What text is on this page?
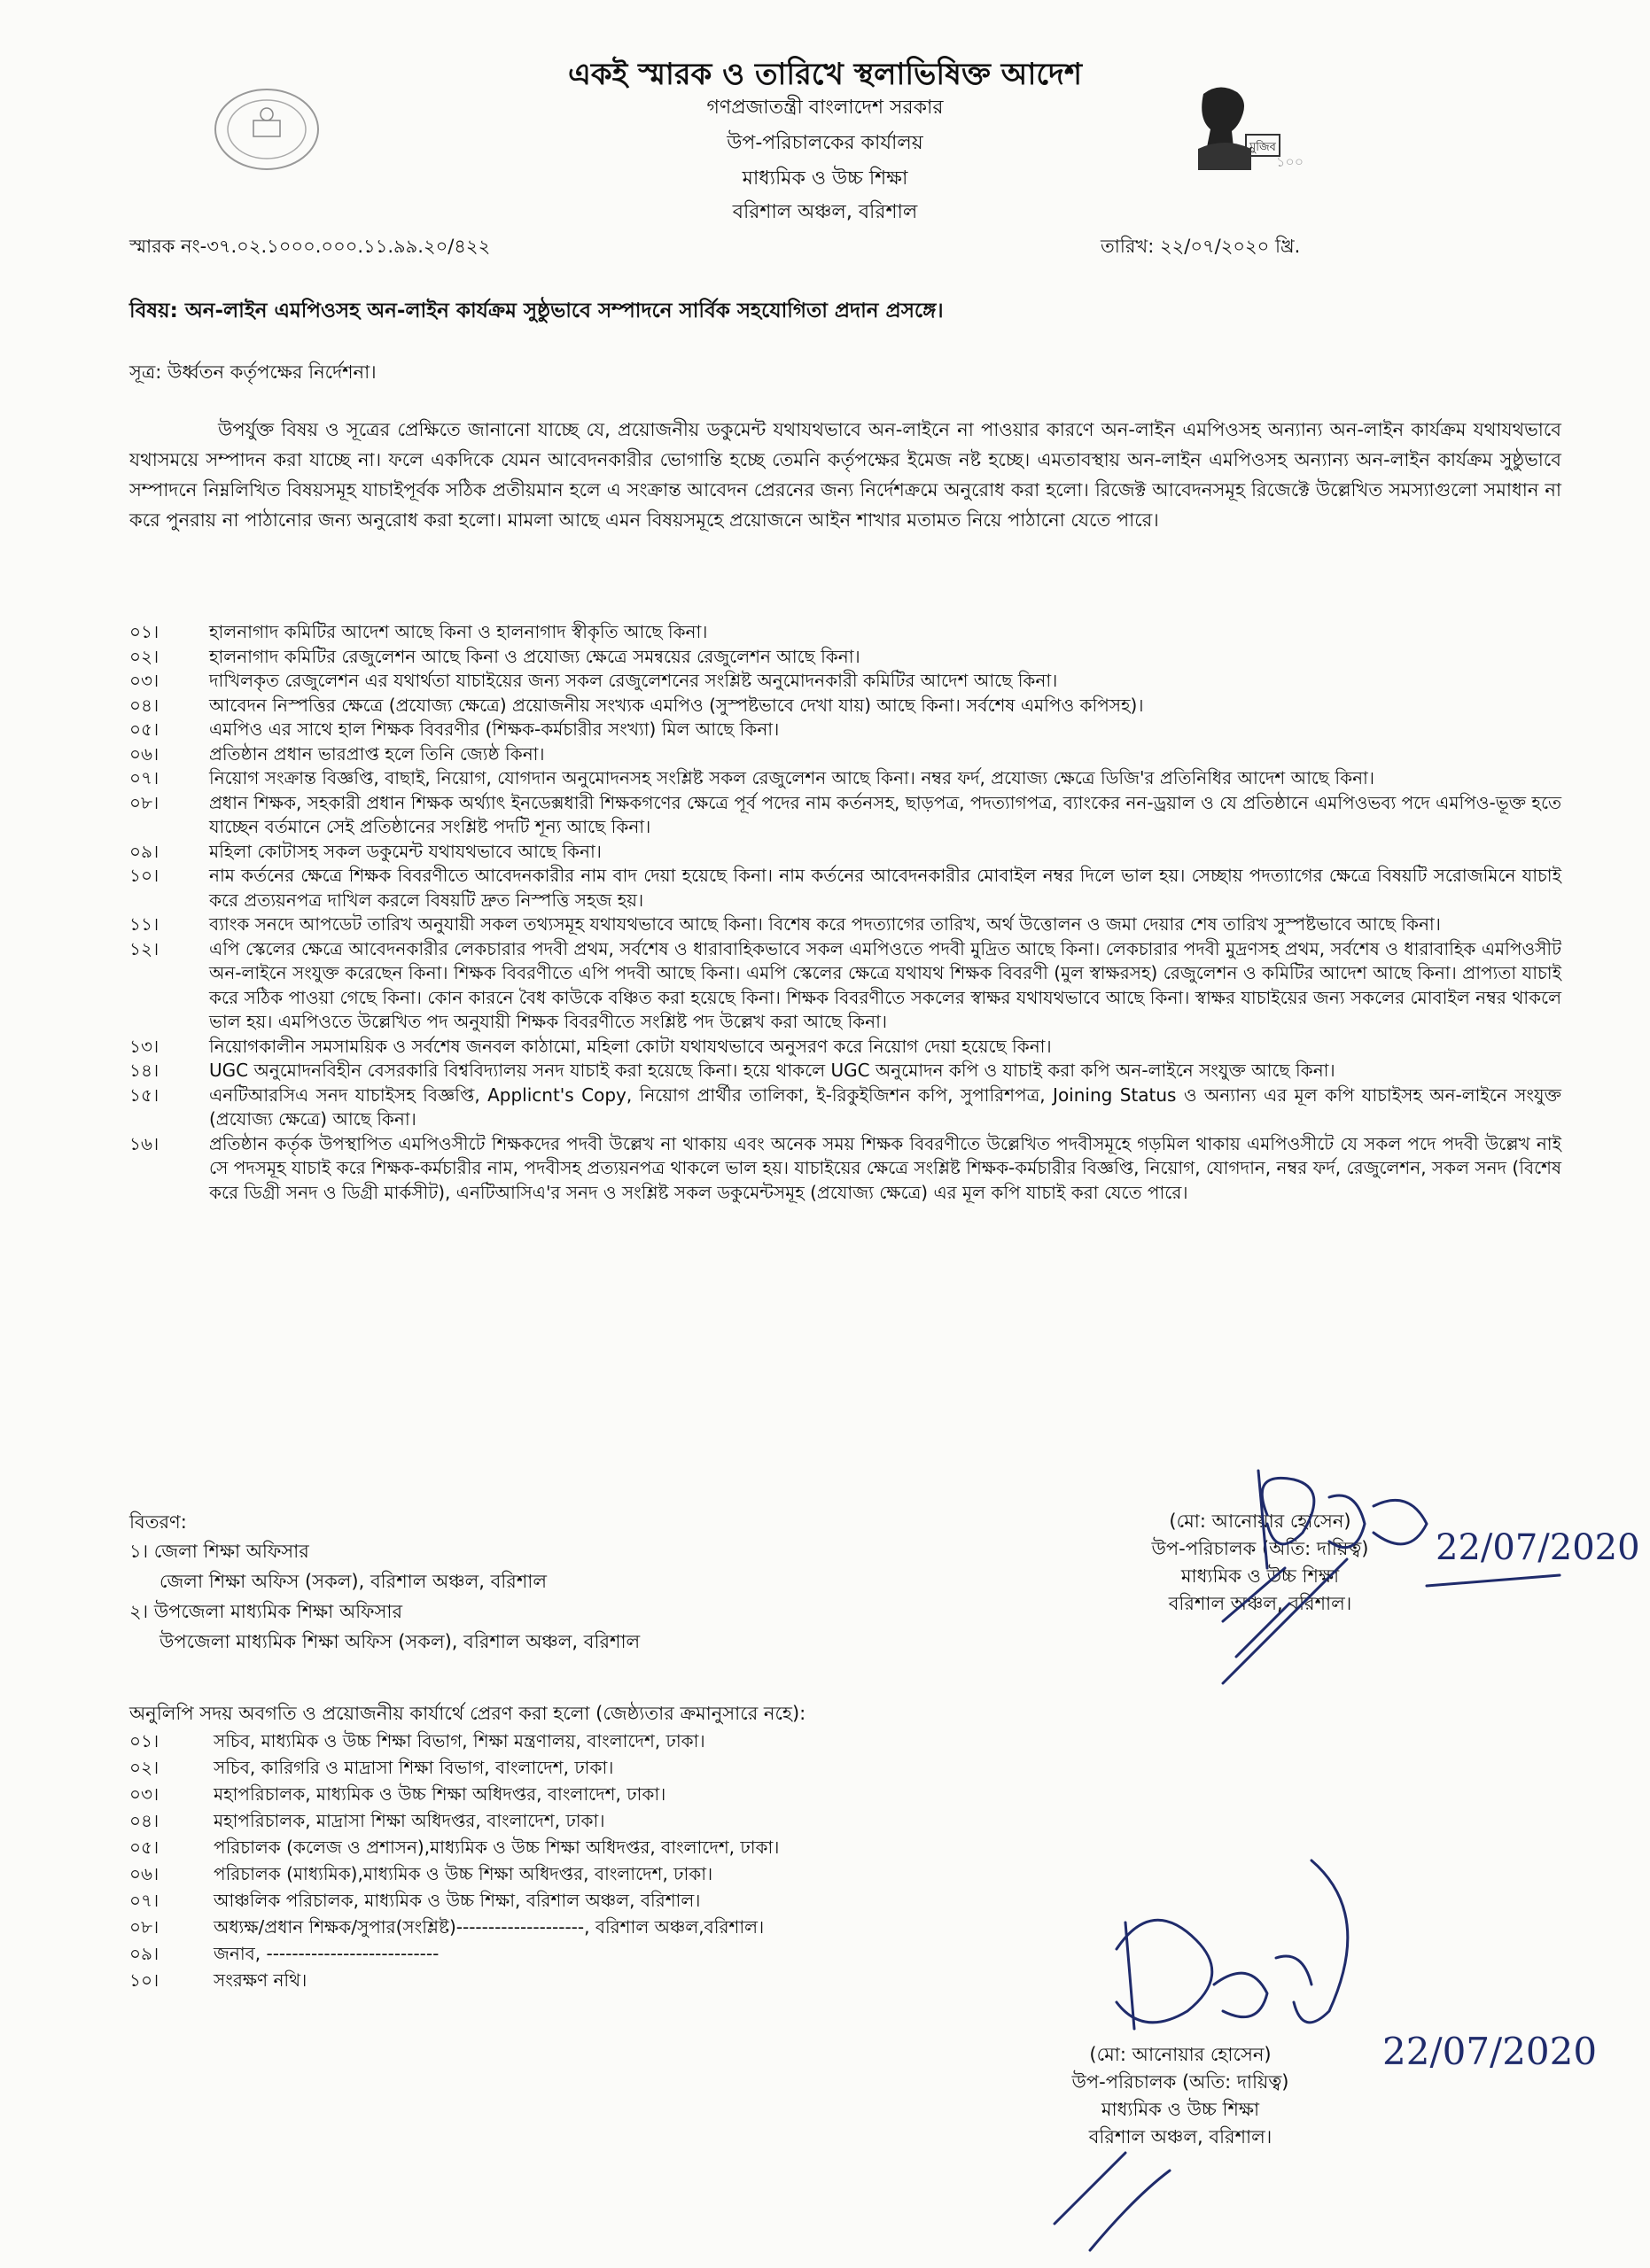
মুজিব
১০০
একই স্মারক ও তারিখে স্থলাভিষিক্ত আদেশ
গণপ্রজাতন্ত্রী বাংলাদেশ সরকার
উপ-পরিচালকের কার্যালয়
মাধ্যমিক ও উচ্চ শিক্ষা
বরিশাল অঞ্চল, বরিশাল
স্মারক নং-৩৭.০২.১০০০.০০০.১১.৯৯.২০/৪২২	তারিখ: ২২/০৭/২০২০ খ্রি.
বিষয়: অন-লাইন এমপিওসহ অন-লাইন কার্যক্রম সুষ্ঠুভাবে সম্পাদনে সার্বিক সহযোগিতা প্রদান প্রসঙ্গে।
সূত্র: উর্ধ্বতন কর্তৃপক্ষের নির্দেশনা।
উপর্যুক্ত বিষয় ও সূত্রের প্রেক্ষিতে জানানো যাচ্ছে যে, প্রয়োজনীয় ডকুমেন্ট যথাযথভাবে অন-লাইনে না পাওয়ার কারণে অন-লাইন এমপিওসহ অন্যান্য অন-লাইন কার্যক্রম যথাযথভাবে যথাসময়ে সম্পাদন করা যাচ্ছে না। ফলে একদিকে যেমন আবেদনকারীর ভোগান্তি হচ্ছে তেমনি কর্তৃপক্ষের ইমেজ নষ্ট হচ্ছে। এমতাবস্থায় অন-লাইন এমপিওসহ অন্যান্য অন-লাইন কার্যক্রম সুষ্ঠুভাবে সম্পাদনে নিম্নলিখিত বিষয়সমূহ যাচাইপূর্বক সঠিক প্রতীয়মান হলে এ সংক্রান্ত আবেদন প্রেরনের জন্য নির্দেশক্রমে অনুরোধ করা হলো। রিজেক্ট আবেদনসমূহ রিজেক্টে উল্লেখিত সমস্যাগুলো সমাধান না করে পুনরায় না পাঠানোর জন্য অনুরোধ করা হলো। মামলা আছে এমন বিষয়সমূহে প্রয়োজনে আইন শাখার মতামত নিয়ে পাঠানো যেতে পারে।
০১।	হালনাগাদ কমিটির আদেশ আছে কিনা ও হালনাগাদ স্বীকৃতি আছে কিনা।
০২।	হালনাগাদ কমিটির রেজুলেশন আছে কিনা ও প্রযোজ্য ক্ষেত্রে সমন্বয়ের রেজুলেশন আছে কিনা।
০৩।	দাখিলকৃত রেজুলেশন এর যথার্থতা যাচাইয়ের জন্য সকল রেজুলেশনের সংশ্লিষ্ট অনুমোদনকারী কমিটির আদেশ আছে কিনা।
০৪।	আবেদন নিস্পত্তির ক্ষেত্রে (প্রযোজ্য ক্ষেত্রে) প্রয়োজনীয় সংখ্যক এমপিও (সুস্পষ্টভাবে দেখা যায়) আছে কিনা। সর্বশেষ এমপিও কপিসহ)।
০৫।	এমপিও এর সাথে হাল শিক্ষক বিবরণীর (শিক্ষক-কর্মচারীর সংখ্যা) মিল আছে কিনা।
০৬।	প্রতিষ্ঠান প্রধান ভারপ্রাপ্ত হলে তিনি জ্যেষ্ঠ কিনা।
০৭।	নিয়োগ সংক্রান্ত বিজ্ঞপ্তি, বাছাই, নিয়োগ, যোগদান অনুমোদনসহ সংশ্লিষ্ট সকল রেজুলেশন আছে কিনা। নম্বর ফর্দ, প্রযোজ্য ক্ষেত্রে ডিজি'র প্রতিনিধির আদেশ আছে কিনা।
০৮।	প্রধান শিক্ষক, সহকারী প্রধান শিক্ষক অর্থ্যাৎ ইনডেক্সধারী শিক্ষকগণের ক্ষেত্রে পূর্ব পদের নাম কর্তনসহ, ছাড়পত্র, পদত্যাগপত্র, ব্যাংকের নন-ড্রয়াল ও যে প্রতিষ্ঠানে এমপিওভব্য পদে এমপিও-ভূক্ত হতে যাচ্ছেন বর্তমানে সেই প্রতিষ্ঠানের সংশ্লিষ্ট পদটি শূন্য আছে কিনা।
০৯।	মহিলা কোটাসহ সকল ডকুমেন্ট যথাযথভাবে আছে কিনা।
১০।	নাম কর্তনের ক্ষেত্রে শিক্ষক বিবরণীতে আবেদনকারীর নাম বাদ দেয়া হয়েছে কিনা। নাম কর্তনের আবেদনকারীর মোবাইল নম্বর দিলে ভাল হয়। সেচ্ছায় পদত্যাগের ক্ষেত্রে বিষয়টি সরোজমিনে যাচাই করে প্রত্যয়নপত্র দাখিল করলে বিষয়টি দ্রুত নিস্পত্তি সহজ হয়।
১১।	ব্যাংক সনদে আপডেট তারিখ অনুযায়ী সকল তথ্যসমূহ যথাযথভাবে আছে কিনা। বিশেষ করে পদত্যাগের তারিখ, অর্থ উত্তোলন ও জমা দেয়ার শেষ তারিখ সুস্পষ্টভাবে আছে কিনা।
১২।	এপি স্কেলের ক্ষেত্রে আবেদনকারীর লেকচারার পদবী প্রথম, সর্বশেষ ও ধারাবাহিকভাবে সকল এমপিওতে পদবী মুদ্রিত আছে কিনা। লেকচারার পদবী মুদ্রণসহ প্রথম, সর্বশেষ ও ধারাবাহিক এমপিওসীট অন-লাইনে সংযুক্ত করেছেন কিনা। শিক্ষক বিবরণীতে এপি পদবী আছে কিনা। এমপি স্কেলের ক্ষেত্রে যথাযথ শিক্ষক বিবরণী (মুল স্বাক্ষরসহ) রেজুলেশন ও কমিটির আদেশ আছে কিনা। প্রাপ্যতা যাচাই করে সঠিক পাওয়া গেছে কিনা। কোন কারনে বৈধ কাউকে বঞ্চিত করা হয়েছে কিনা। শিক্ষক বিবরণীতে সকলের স্বাক্ষর যথাযথভাবে আছে কিনা। স্বাক্ষর যাচাইয়ের জন্য সকলের মোবাইল নম্বর থাকলে ভাল হয়। এমপিওতে উল্লেখিত পদ অনুযায়ী শিক্ষক বিবরণীতে সংশ্লিষ্ট পদ উল্লেখ করা আছে কিনা।
১৩।	নিয়োগকালীন সমসাময়িক ও সর্বশেষ জনবল কাঠামো, মহিলা কোটা যথাযথভাবে অনুসরণ করে নিয়োগ দেয়া হয়েছে কিনা।
১৪।	UGC অনুমোদনবিহীন বেসরকারি বিশ্ববিদ্যালয় সনদ যাচাই করা হয়েছে কিনা। হয়ে থাকলে UGC অনুমোদন কপি ও যাচাই করা কপি অন-লাইনে সংযুক্ত আছে কিনা।
১৫।	এনটিআরসিএ সনদ যাচাইসহ বিজ্ঞপ্তি, Applicnt's Copy, নিয়োগ প্রার্থীর তালিকা, ই-রিকুইজিশন কপি, সুপারিশপত্র, Joining Status ও অন্যান্য এর মূল কপি যাচাইসহ অন-লাইনে সংযুক্ত (প্রযোজ্য ক্ষেত্রে) আছে কিনা।
১৬।	প্রতিষ্ঠান কর্তৃক উপস্থাপিত এমপিওসীটে শিক্ষকদের পদবী উল্লেখ না থাকায় এবং অনেক সময় শিক্ষক বিবরণীতে উল্লেখিত পদবীসমূহে গড়মিল থাকায় এমপিওসীটে যে সকল পদে পদবী উল্লেখ নাই সে পদসমূহ যাচাই করে শিক্ষক-কর্মচারীর নাম, পদবীসহ প্রত্যয়নপত্র থাকলে ভাল হয়। যাচাইয়ের ক্ষেত্রে সংশ্লিষ্ট শিক্ষক-কর্মচারীর বিজ্ঞপ্তি, নিয়োগ, যোগদান, নম্বর ফর্দ, রেজুলেশন, সকল সনদ (বিশেষ করে ডিগ্রী সনদ ও ডিগ্রী মার্কসীট), এনটিআসিএ'র সনদ ও সংশ্লিষ্ট সকল ডকুমেন্টসমূহ (প্রযোজ্য ক্ষেত্রে) এর মূল কপি যাচাই করা যেতে পারে।
বিতরণ:
১। জেলা শিক্ষা অফিসার
জেলা শিক্ষা অফিস (সকল), বরিশাল অঞ্চল, বরিশাল
২। উপজেলা মাধ্যমিক শিক্ষা অফিসার
উপজেলা মাধ্যমিক শিক্ষা অফিস (সকল), বরিশাল অঞ্চল, বরিশাল
অনুলিপি সদয় অবগতি ও প্রয়োজনীয় কার্যার্থে প্রেরণ করা হলো (জেষ্ঠ্যতার ক্রমানুসারে নহে):
০১।	সচিব, মাধ্যমিক ও উচ্চ শিক্ষা বিভাগ, শিক্ষা মন্ত্রণালয়, বাংলাদেশ, ঢাকা।
০২।	সচিব, কারিগরি ও মাদ্রাসা শিক্ষা বিভাগ, বাংলাদেশ, ঢাকা।
০৩।	মহাপরিচালক, মাধ্যমিক ও উচ্চ শিক্ষা অধিদপ্তর, বাংলাদেশ, ঢাকা।
০৪।	মহাপরিচালক, মাদ্রাসা শিক্ষা অধিদপ্তর, বাংলাদেশ, ঢাকা।
০৫।	পরিচালক (কলেজ ও প্রশাসন),মাধ্যমিক ও উচ্চ শিক্ষা অধিদপ্তর, বাংলাদেশ, ঢাকা।
০৬।	পরিচালক (মাধ্যমিক),মাধ্যমিক ও উচ্চ শিক্ষা অধিদপ্তর, বাংলাদেশ, ঢাকা।
০৭।	আঞ্চলিক পরিচালক, মাধ্যমিক ও উচ্চ শিক্ষা, বরিশাল অঞ্চল, বরিশাল।
০৮।	অধ্যক্ষ/প্রধান শিক্ষক/সুপার(সংশ্লিষ্ট)--------------------, বরিশাল অঞ্চল,বরিশাল।
০৯।	জনাব, ---------------------------
১০।	সংরক্ষণ নথি।
(মো: আনোয়ার হোসেন)
উপ-পরিচালক (অতি: দায়িত্ব)
মাধ্যমিক ও উচ্চ শিক্ষা
বরিশাল অঞ্চল, বরিশাল।
(মো: আনোয়ার হোসেন)
উপ-পরিচালক (অতি: দায়িত্ব)
মাধ্যমিক ও উচ্চ শিক্ষা
বরিশাল অঞ্চল, বরিশাল।
22/07/2020
22/07/2020
